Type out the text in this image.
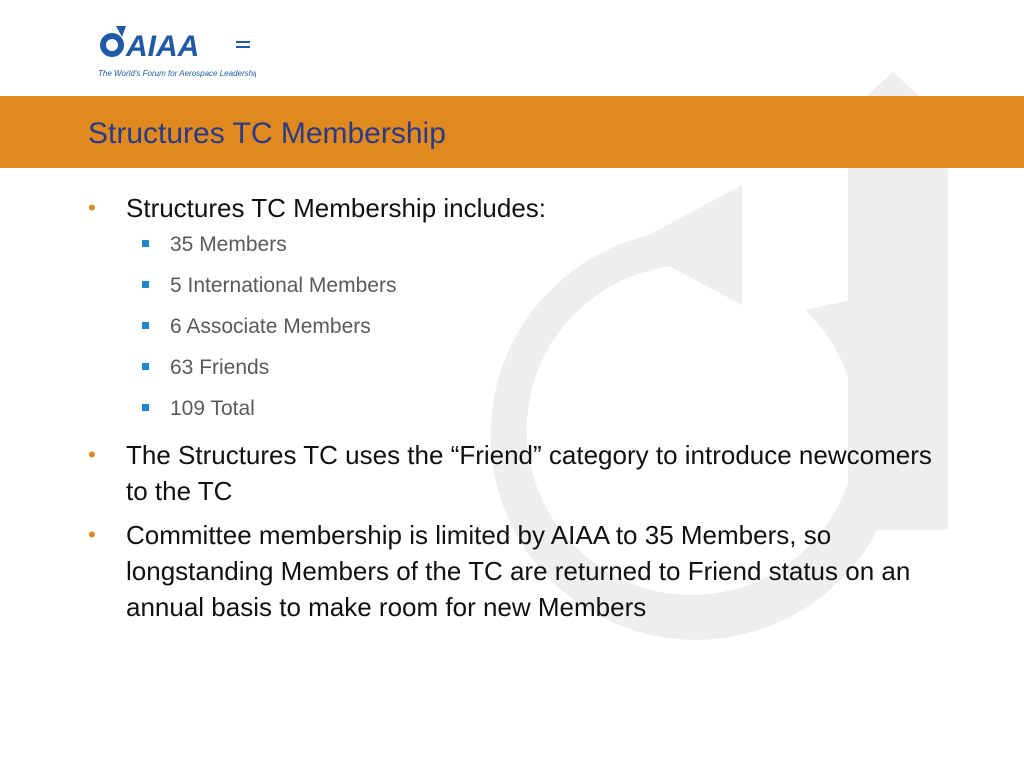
AIAA
The World's Forum for Aerospace Leadership
Structures TC Membership
• Structures TC Membership includes:
35 Members
5 International Members
6 Associate Members
63 Friends
109 Total
• The Structures TC uses the “Friend” category to introduce newcomers to the TC
• Committee membership is limited by AIAA to 35 Members, so longstanding Members of the TC are returned to Friend status on an annual basis to make room for new Members
